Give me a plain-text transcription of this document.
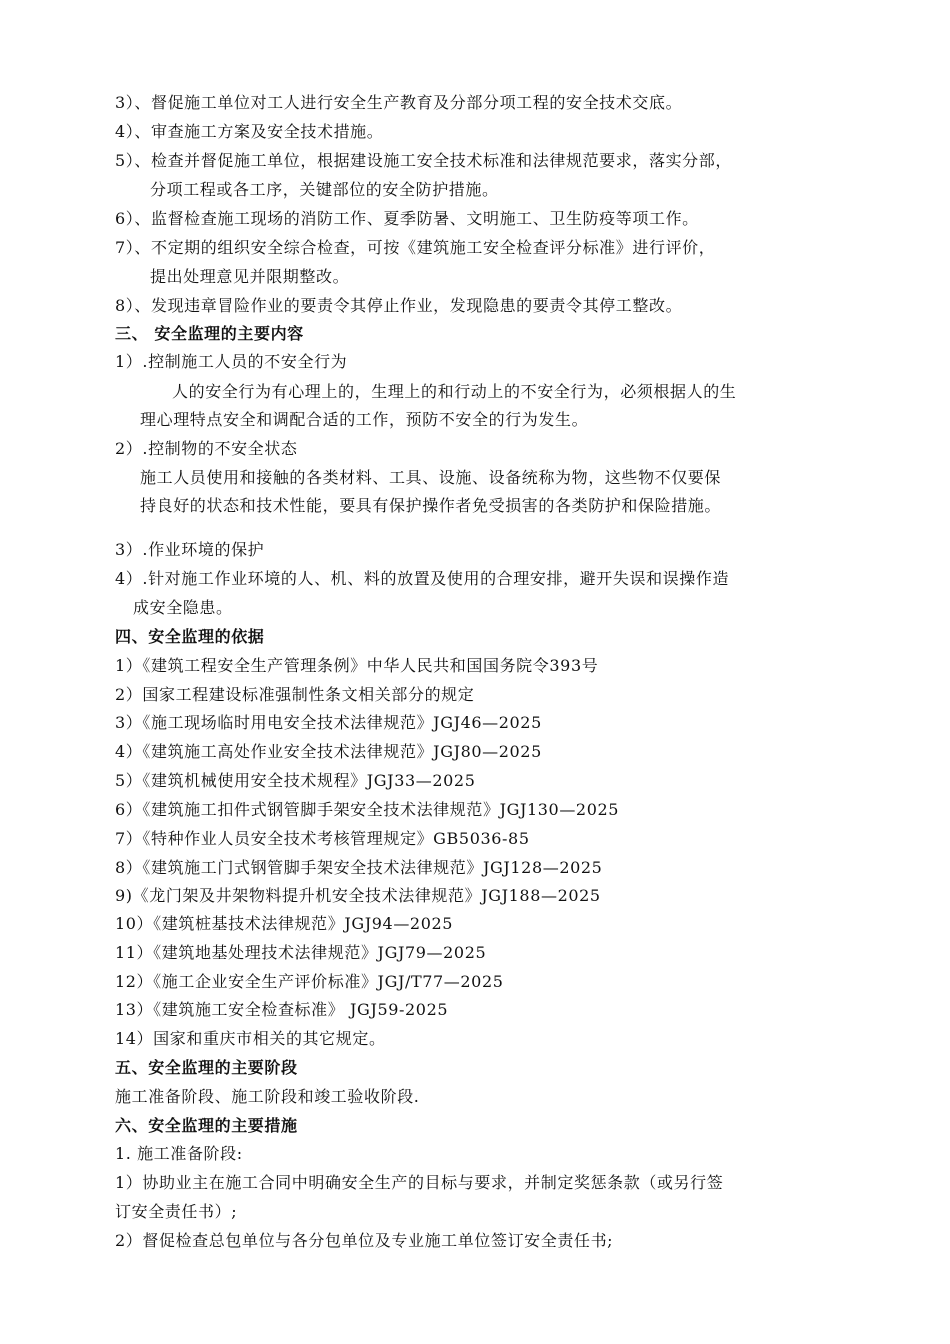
3）、督促施工单位对工人进行安全生产教育及分部分项工程的安全技术交底。
4）、审查施工方案及安全技术措施。
5）、检查并督促施工单位，根据建设施工安全技术标准和法律规范要求，落实分部，
分项工程或各工序，关键部位的安全防护措施。
6）、监督检查施工现场的消防工作、夏季防暑、文明施工、卫生防疫等项工作。
7）、不定期的组织安全综合检查，可按《建筑施工安全检查评分标准》进行评价，
提出处理意见并限期整改。
8）、发现违章冒险作业的要责令其停止作业，发现隐患的要责令其停工整改。
三、 安全监理的主要内容
1）.控制施工人员的不安全行为
人的安全行为有心理上的，生理上的和行动上的不安全行为，必须根据人的生
理心理特点安全和调配合适的工作，预防不安全的行为发生。
2）.控制物的不安全状态
施工人员使用和接触的各类材料、工具、设施、设备统称为物，这些物不仅要保
持良好的状态和技术性能，要具有保护操作者免受损害的各类防护和保险措施。
3）.作业环境的保护
4）.针对施工作业环境的人、机、料的放置及使用的合理安排，避开失误和误操作造
成安全隐患。
四、安全监理的依据
1）《建筑工程安全生产管理条例》中华人民共和国国务院令393号
2）国家工程建设标准强制性条文相关部分的规定
3）《施工现场临时用电安全技术法律规范》JGJ46—2025
4）《建筑施工高处作业安全技术法律规范》JGJ80—2025
5）《建筑机械使用安全技术规程》JGJ33—2025
6）《建筑施工扣件式钢管脚手架安全技术法律规范》JGJ130—2025
7）《特种作业人员安全技术考核管理规定》GB5036-85
8）《建筑施工门式钢管脚手架安全技术法律规范》JGJ128—2025
9)《龙门架及井架物料提升机安全技术法律规范》JGJ188—2025
10）《建筑桩基技术法律规范》JGJ94—2025
11）《建筑地基处理技术法律规范》JGJ79—2025
12）《施工企业安全生产评价标准》JGJ/T77—2025
13）《建筑施工安全检查标准》 JGJ59-2025
14）国家和重庆市相关的其它规定。
五、安全监理的主要阶段
施工准备阶段、施工阶段和竣工验收阶段.
六、安全监理的主要措施
1. 施工准备阶段:
1）协助业主在施工合同中明确安全生产的目标与要求，并制定奖惩条款（或另行签
订安全责任书）;
2）督促检查总包单位与各分包单位及专业施工单位签订安全责任书;
